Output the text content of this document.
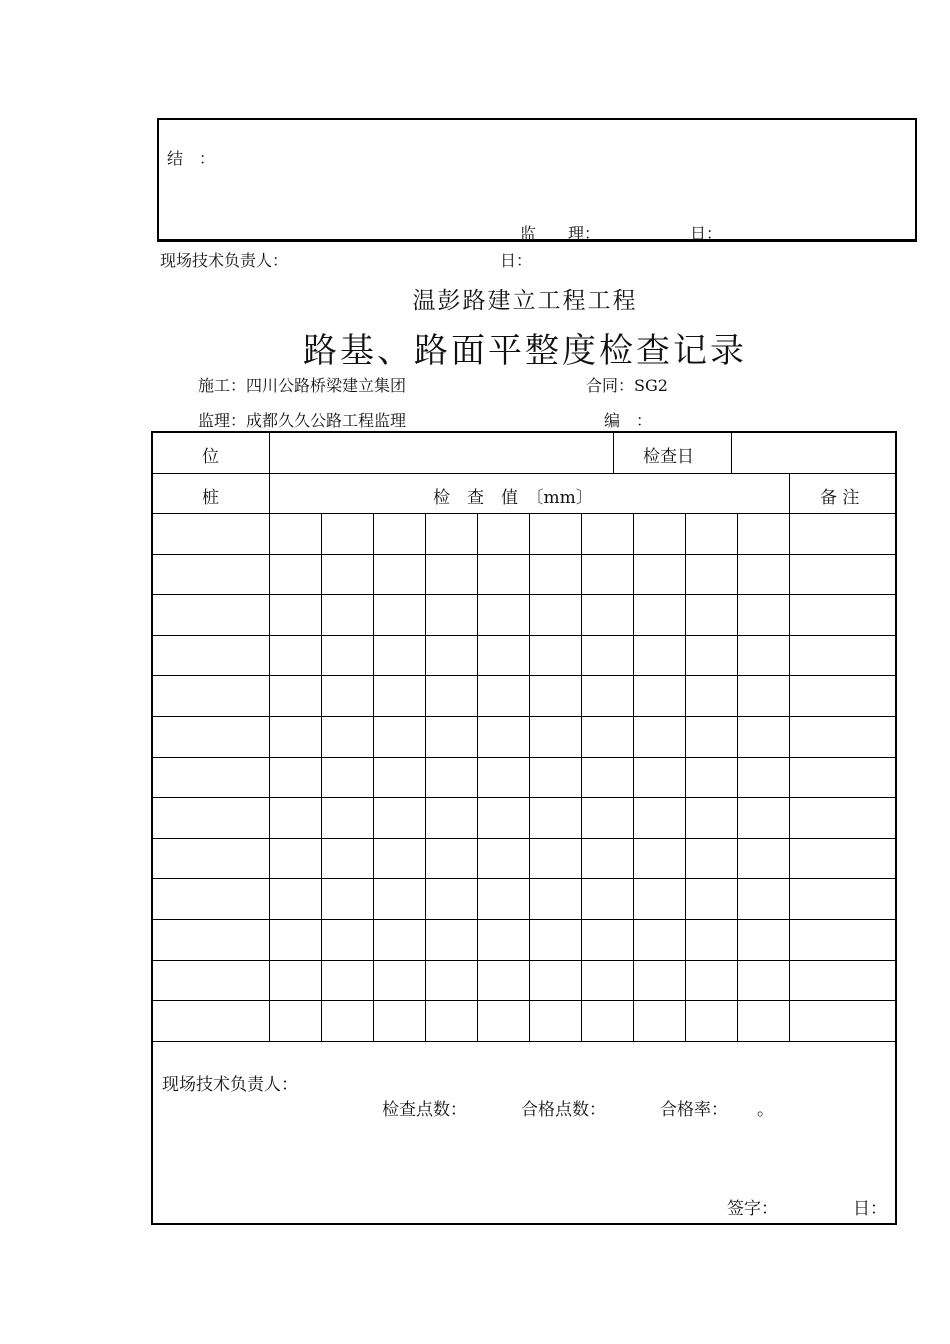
结　：
监　　理：	日：
现场技术负责人：	日：
温彭路建立工程工程
路基、路面平整度检查记录
施工：四川公路桥梁建立集团	合同：SG2
监理：成都久久公路工程监理	编　：
位	检查日
桩	检　查　值　〔mm〕	备 注
现场技术负责人：
检查点数：	合格点数：	合格率： 。
签字：	日：
